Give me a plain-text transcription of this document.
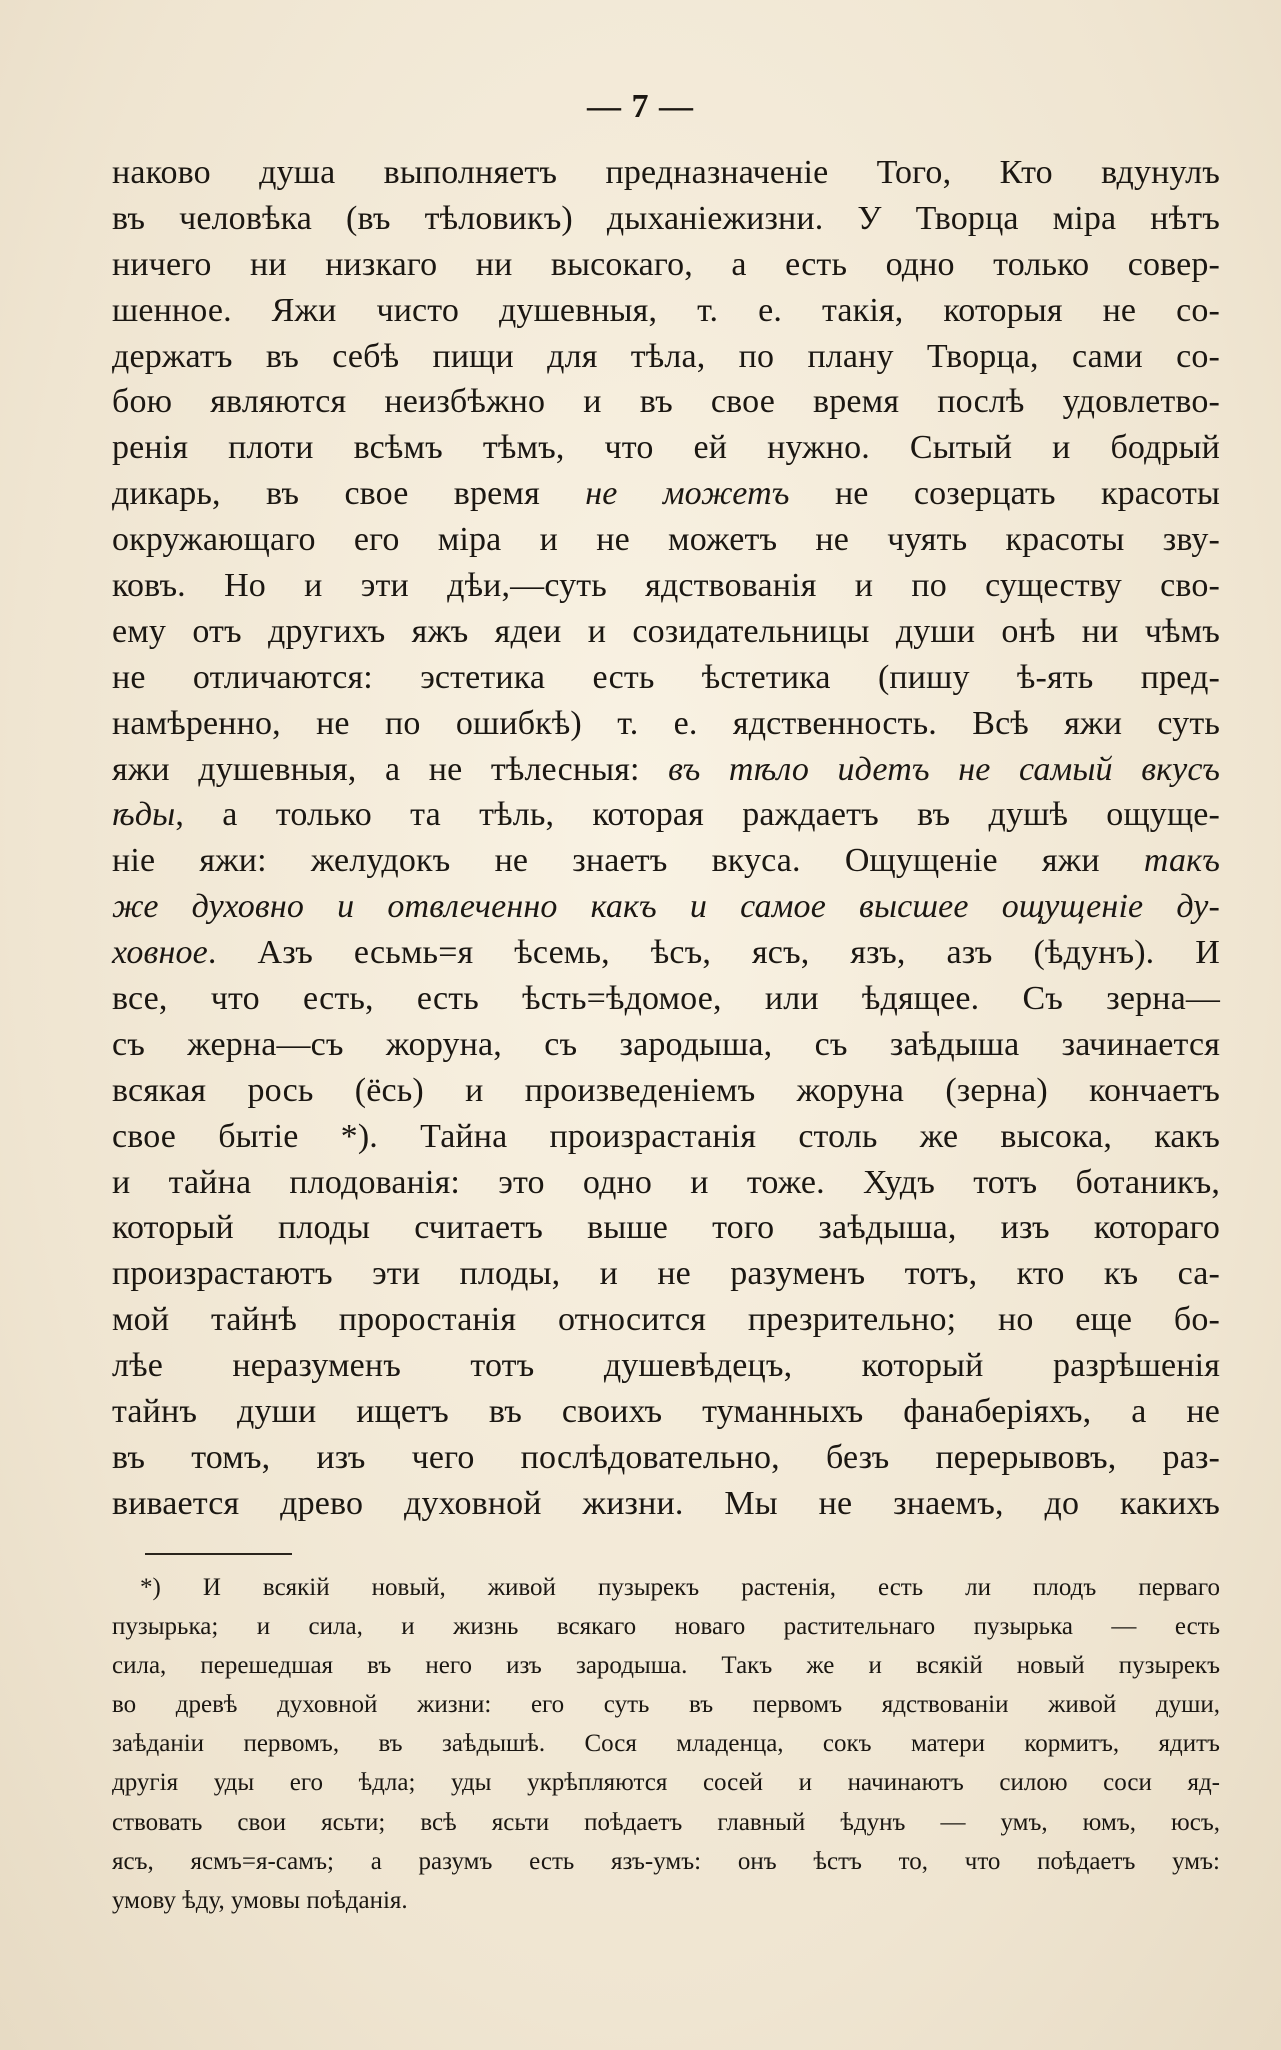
— 7 —
наково душа выполняетъ предназначеніе Того, Кто вдунулъ
въ человѣка (въ тѣловикъ) дыханіежизни. У Творца міра нѣтъ
ничего ни низкаго ни высокаго, а есть одно только совер-
шенное. Яжи чисто душевныя, т. е. такія, которыя не со-
держатъ въ себѣ пищи для тѣла, по плану Творца, сами со-
бою являются неизбѣжно и въ свое время послѣ удовлетво-
ренія плоти всѣмъ тѣмъ, что ей нужно. Сытый и бодрый
дикарь, въ свое время не можетъ не созерцать красоты
окружающаго его міра и не можетъ не чуять красоты зву-
ковъ. Но и эти дѣи,—суть ядствованія и по существу сво-
ему отъ другихъ яжъ ядеи и созидательницы души онѣ ни чѣмъ
не отличаются: эстетика есть ѣстетика (пишу ѣ-ять пред-
намѣренно, не по ошибкѣ) т. е. ядственность. Всѣ яжи суть
яжи душевныя, а не тѣлесныя: въ тѣло идетъ не самый вкусъ
ѣды, а только та тѣль, которая раждаетъ въ душѣ ощуще-
ніе яжи: желудокъ не знаетъ вкуса. Ощущеніе яжи такъ
же духовно и отвлеченно какъ и самое высшее ощущеніе ду-
ховное. Азъ есьмь=я ѣсемь, ѣсъ, ясъ, язъ, азъ (ѣдунъ). И
все, что есть, есть ѣсть=ѣдомое, или ѣдящее. Съ зерна—
съ жерна—съ жоруна, съ зародыша, съ заѣдыша зачинается
всякая рось (ёсь) и произведеніемъ жоруна (зерна) кончаетъ
свое бытіе *). Тайна произрастанія столь же высока, какъ
и тайна плодованія: это одно и тоже. Худъ тотъ ботаникъ,
который плоды считаетъ выше того заѣдыша, изъ котораго
произрастаютъ эти плоды, и не разуменъ тотъ, кто къ са-
мой тайнѣ проростанія относится презрительно; но еще бо-
лѣе неразуменъ тотъ душевѣдецъ, который разрѣшенія
тайнъ души ищетъ въ своихъ туманныхъ фанаберіяхъ, а не
въ томъ, изъ чего послѣдовательно, безъ перерывовъ, раз-
вивается древо духовной жизни. Мы не знаемъ, до какихъ
*) И всякій новый, живой пузырекъ растенія, есть ли плодъ перваго
пузырька; и сила, и жизнь всякаго новаго растительнаго пузырька — есть
сила, перешедшая въ него изъ зародыша. Такъ же и всякій новый пузырекъ
во древѣ духовной жизни: его суть въ первомъ ядствованіи живой души,
заѣданіи первомъ, въ заѣдышѣ. Сося младенца, сокъ матери кормитъ, ядитъ
другія уды его ѣдла; уды укрѣпляются сосей и начинаютъ силою соси яд-
ствовать свои ясьти; всѣ ясьти поѣдаетъ главный ѣдунъ — умъ, юмъ, юсъ,
ясъ, ясмъ=я-самъ; а разумъ есть язъ-умъ: онъ ѣстъ то, что поѣдаетъ умъ:
умову ѣду, умовы поѣданія.
